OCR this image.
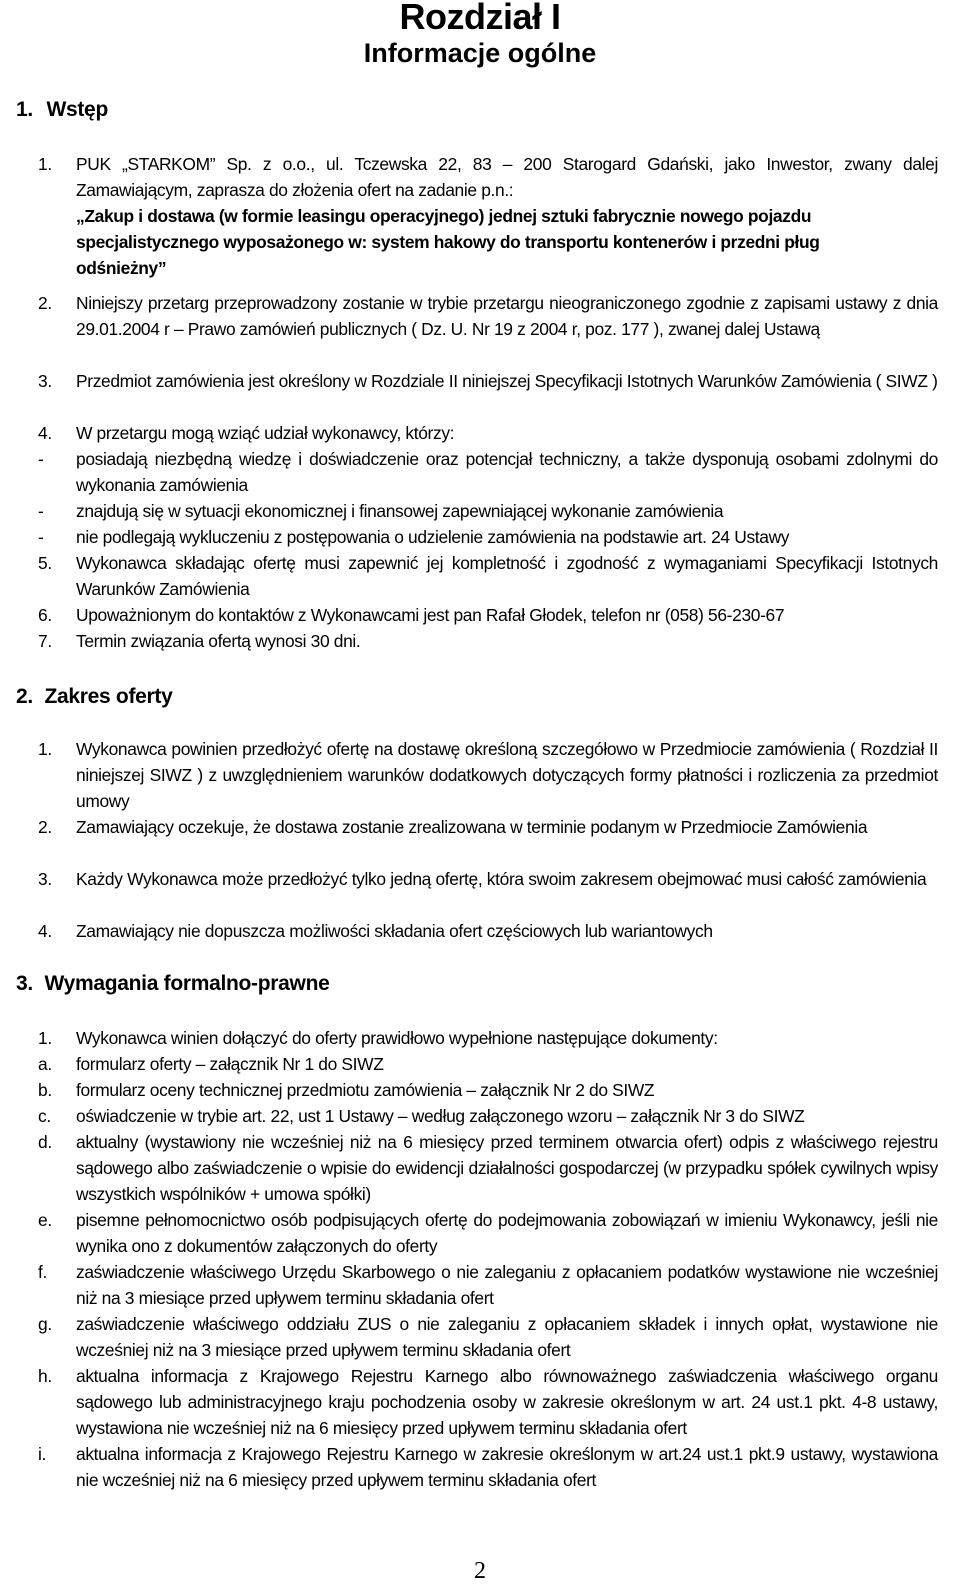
Rozdział I
Informacje ogólne
1. Wstęp
1. PUK „STARKOM” Sp. z o.o., ul. Tczewska 22, 83 – 200 Starogard Gdański, jako Inwestor, zwany dalej Zamawiającym, zaprasza do złożenia ofert na zadanie p.n.:
„Zakup i dostawa (w formie leasingu operacyjnego) jednej sztuki fabrycznie nowego pojazdu specjalistycznego wyposażonego w: system hakowy do transportu kontenerów i przedni pług odśnieżny”
2. Niniejszy przetarg przeprowadzony zostanie w trybie przetargu nieograniczonego zgodnie z zapisami ustawy z dnia 29.01.2004 r – Prawo zamówień publicznych ( Dz. U. Nr 19 z 2004 r, poz. 177 ), zwanej dalej Ustawą
3. Przedmiot zamówienia jest określony w Rozdziale II niniejszej Specyfikacji Istotnych Warunków Zamówienia ( SIWZ )
4. W przetargu mogą wziąć udział wykonawcy, którzy:
- posiadają niezbędną wiedzę i doświadczenie oraz potencjał techniczny, a także dysponują osobami zdolnymi do wykonania zamówienia
- znajdują się w sytuacji ekonomicznej i finansowej zapewniającej wykonanie zamówienia
- nie podlegają wykluczeniu z postępowania o udzielenie zamówienia na podstawie art. 24 Ustawy
5. Wykonawca składając ofertę musi zapewnić jej kompletność i zgodność z wymaganiami Specyfikacji Istotnych Warunków Zamówienia
6. Upoważnionym do kontaktów z Wykonawcami jest pan Rafał Głodek, telefon nr (058) 56-230-67
7. Termin związania ofertą wynosi 30 dni.
2. Zakres oferty
1. Wykonawca powinien przedłożyć ofertę na dostawę określoną szczegółowo w Przedmiocie zamówienia ( Rozdział II niniejszej SIWZ ) z uwzględnieniem warunków dodatkowych dotyczących formy płatności i rozliczenia za przedmiot umowy
2. Zamawiający oczekuje, że dostawa zostanie zrealizowana w terminie podanym w Przedmiocie Zamówienia
3. Każdy Wykonawca może przedłożyć tylko jedną ofertę, która swoim zakresem obejmować musi całość zamówienia
4. Zamawiający nie dopuszcza możliwości składania ofert częściowych lub wariantowych
3. Wymagania formalno-prawne
1. Wykonawca winien dołączyć do oferty prawidłowo wypełnione następujące dokumenty:
a. formularz oferty – załącznik Nr 1 do SIWZ
b. formularz oceny technicznej przedmiotu zamówienia – załącznik Nr 2 do SIWZ
c. oświadczenie w trybie art. 22, ust 1 Ustawy – według załączonego wzoru – załącznik Nr 3 do SIWZ
d. aktualny (wystawiony nie wcześniej niż na 6 miesięcy przed terminem otwarcia ofert) odpis z właściwego rejestru sądowego albo zaświadczenie o wpisie do ewidencji działalności gospodarczej (w przypadku spółek cywilnych wpisy wszystkich wspólników + umowa spółki)
e. pisemne pełnomocnictwo osób podpisujących ofertę do podejmowania zobowiązań w imieniu Wykonawcy, jeśli nie wynika ono z dokumentów załączonych do oferty
f. zaświadczenie właściwego Urzędu Skarbowego o nie zaleganiu z opłacaniem podatków wystawione nie wcześniej niż na 3 miesiące przed upływem terminu składania ofert
g. zaświadczenie właściwego oddziału ZUS o nie zaleganiu z opłacaniem składek i innych opłat, wystawione nie wcześniej niż na 3 miesiące przed upływem terminu składania ofert
h. aktualna informacja z Krajowego Rejestru Karnego albo równoważnego zaświadczenia właściwego organu sądowego lub administracyjnego kraju pochodzenia osoby w zakresie określonym w art. 24 ust.1 pkt. 4-8 ustawy, wystawiona nie wcześniej niż na 6 miesięcy przed upływem terminu składania ofert
i. aktualna informacja z Krajowego Rejestru Karnego w zakresie określonym w art.24 ust.1 pkt.9 ustawy, wystawiona nie wcześniej niż na 6 miesięcy przed upływem terminu składania ofert
2
